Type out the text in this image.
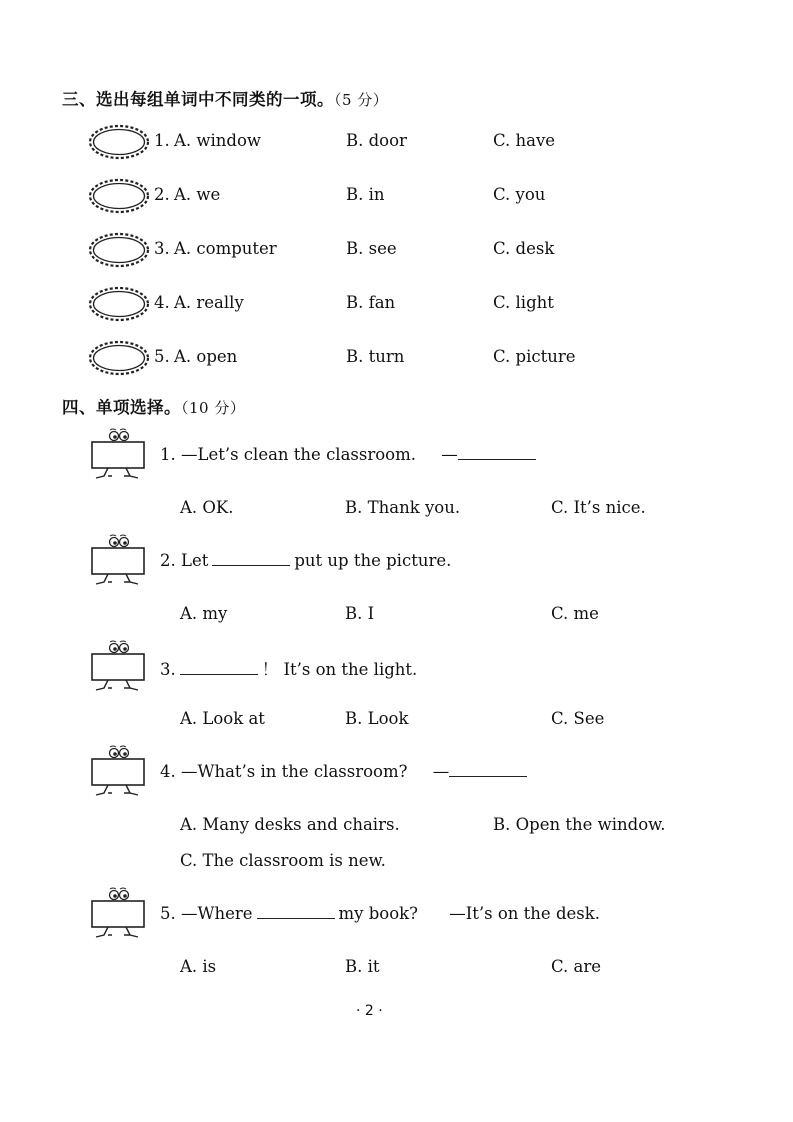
三、选出每组单词中不同类的一项。（5 分）
1. A. window	B. door	C. have
2. A. we	B. in	C. you
3. A. computer	B. see	C. desk
4. A. really	B. fan	C. light
5. A. open	B. turn	C. picture
四、单项选择。（10 分）
1. —Let’s clean the classroom. —
A. OK.	B. Thank you.	C. It’s nice.
2. Let	put up the picture.
A. my	B. I	C. me
3.	！ It’s on the light.
A. Look at	B. Look	C. See
4. —What’s in the classroom? —
A. Many desks and chairs.	B. Open the window.
C. The classroom is new.
5. —Where	my book? —It’s on the desk.
A. is	B. it	C. are
· 2 ·
